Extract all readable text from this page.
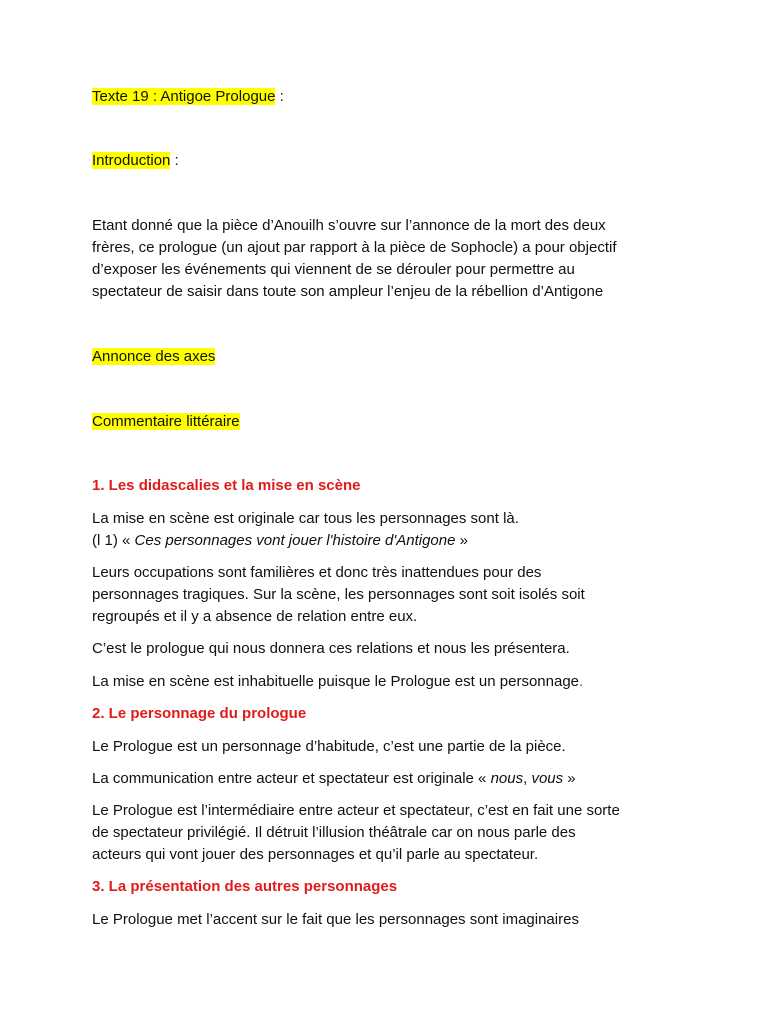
Texte 19 : Antigoe Prologue :
Introduction :
Etant donné que la pièce d’Anouilh s’ouvre sur l’annonce de la mort des deux
frères, ce prologue (un ajout par rapport à la pièce de Sophocle) a pour objectif
d’exposer les événements qui viennent de se dérouler pour permettre au
spectateur de saisir dans toute son ampleur l’enjeu de la rébellion d’Antigone
Annonce des axes
Commentaire littéraire
1. Les didascalies et la mise en scène
La mise en scène est originale car tous les personnages sont là.
(l 1) « Ces personnages vont jouer l'histoire d'Antigone »
Leurs occupations sont familières et donc très inattendues pour des
personnages tragiques. Sur la scène, les personnages sont soit isolés soit
regroupés et il y a absence de relation entre eux.
C’est le prologue qui nous donnera ces relations et nous les présentera.
La mise en scène est inhabituelle puisque le Prologue est un personnage.
2. Le personnage du prologue
Le Prologue est un personnage d’habitude, c’est une partie de la pièce.
La communication entre acteur et spectateur est originale « nous, vous »
Le Prologue est l’intermédiaire entre acteur et spectateur, c’est en fait une sorte
de spectateur privilégié. Il détruit l’illusion théâtrale car on nous parle des
acteurs qui vont jouer des personnages et qu’il parle au spectateur.
3. La présentation des autres personnages
Le Prologue met l’accent sur le fait que les personnages sont imaginaires
